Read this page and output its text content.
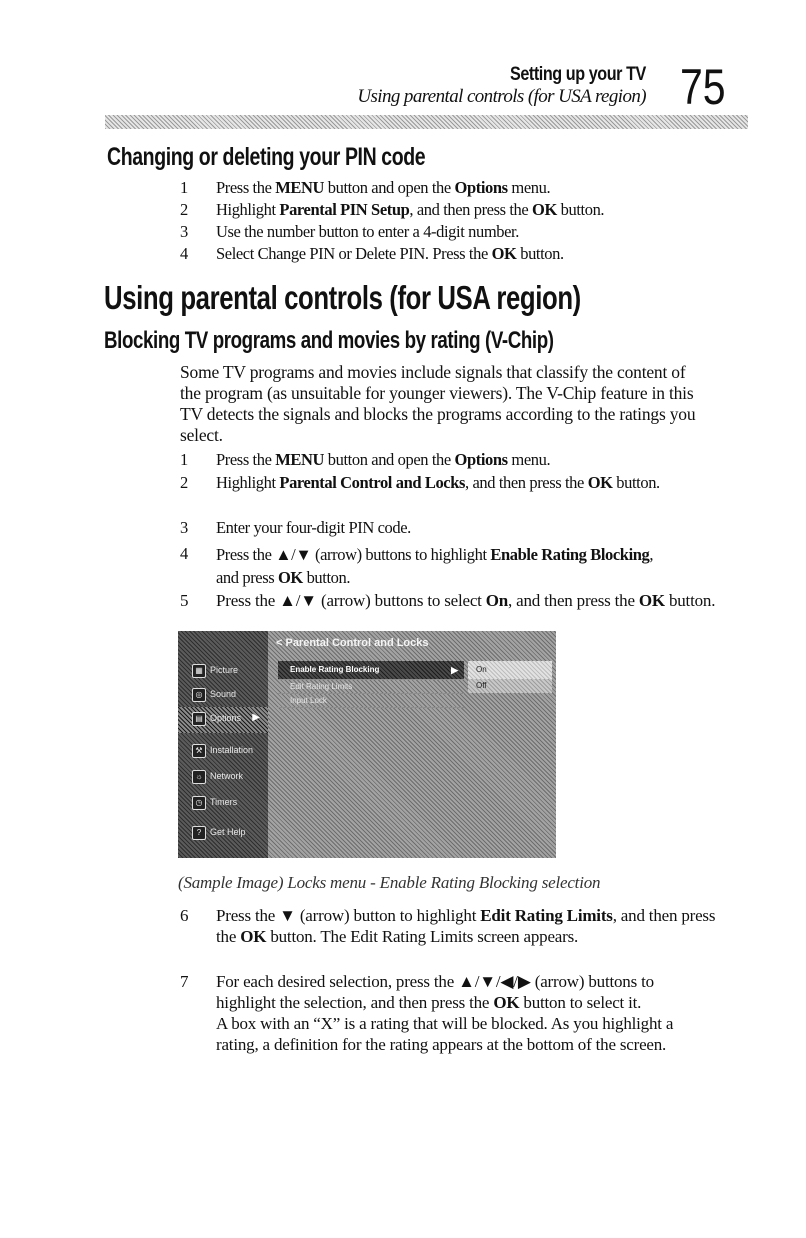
Setting up your TV
Using parental controls (for USA region) 75
Changing or deleting your PIN code
1 Press the MENU button and open the Options menu.
2 Highlight Parental PIN Setup, and then press the OK button.
3 Use the number button to enter a 4-digit number.
4 Select Change PIN or Delete PIN. Press the OK button.
Using parental controls (for USA region)
Blocking TV programs and movies by rating (V-Chip)
Some TV programs and movies include signals that classify the content of the program (as unsuitable for younger viewers). The V-Chip feature in this TV detects the signals and blocks the programs according to the ratings you select.
1 Press the MENU button and open the Options menu.
2 Highlight Parental Control and Locks, and then press the OK button.
3 Enter your four-digit PIN code.
4 Press the ▲/▼ (arrow) buttons to highlight Enable Rating Blocking, and press OK button.
5 Press the ▲/▼ (arrow) buttons to select On, and then press the OK button.
▦ Picture
◎ Sound
▤ Options ▶
⚒ Installation
☼ Network
◷ Timers
? Get Help
< Parental Control and Locks
Enable Rating Blocking	▶
Edit Rating Limits
Input Lock
On
Off
(Sample Image) Locks menu - Enable Rating Blocking selection
6 Press the ▼ (arrow) button to highlight Edit Rating Limits, and then press the OK button. The Edit Rating Limits screen appears.
7 For each desired selection, press the ▲/▼/◀/▶ (arrow) buttons to highlight the selection, and then press the OK button to select it.
A box with an “X” is a rating that will be blocked. As you highlight a rating, a definition for the rating appears at the bottom of the screen.
